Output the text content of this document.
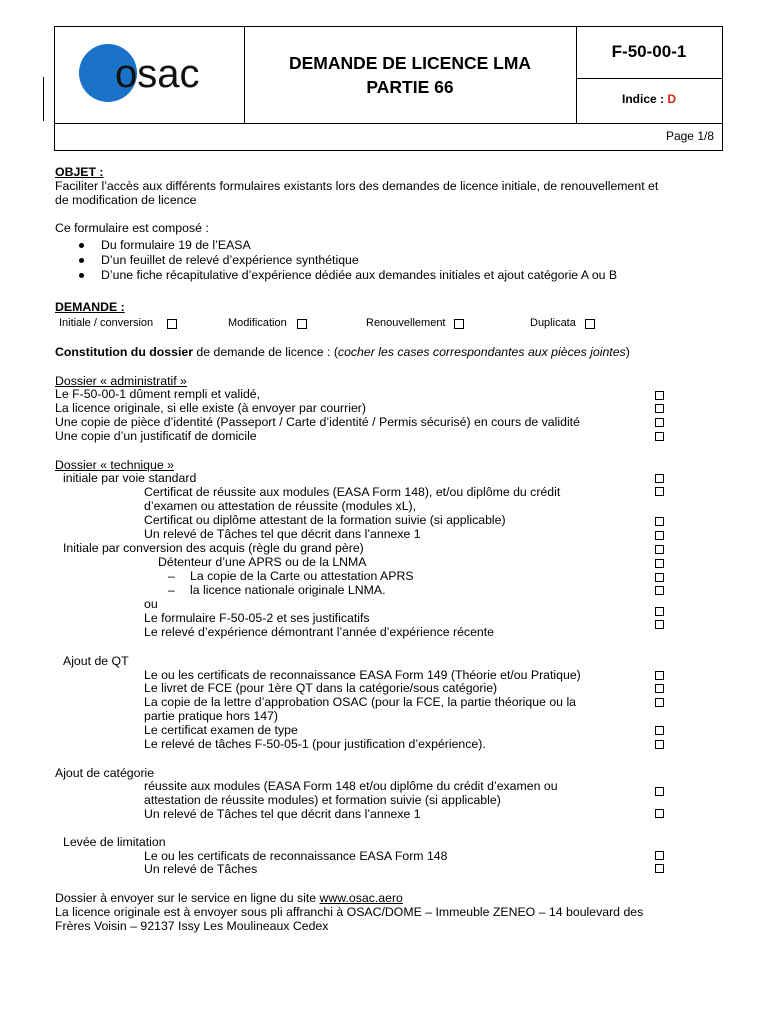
osac	DEMANDE DE LICENCE LMA
PARTIE 66
F-50-00-1
Indice : D
Page 1/8
OBJET :
Faciliter l’accès aux différents formulaires existants lors des demandes de licence initiale, de renouvellement et
de modification de licence
Ce formulaire est composé :
Du formulaire 19 de l’EASA
D’un feuillet de relevé d’expérience synthétique
D’une fiche récapitulative d’expérience dédiée aux demandes initiales et ajout catégorie A ou B
DEMANDE :
Initiale / conversion	Modification	Renouvellement	Duplicata
Constitution du dossier de demande de licence : (cocher les cases correspondantes aux pièces jointes)
Dossier « administratif »
Le F-50-00-1 dûment rempli et validé,
La licence originale, si elle existe (à envoyer par courrier)
Une copie de pièce d’identité (Passeport / Carte d’identité / Permis sécurisé) en cours de validité
Une copie d’un justificatif de domicile
Dossier « technique »
initiale par voie standard
Certificat de réussite aux modules (EASA Form 148), et/ou diplôme du crédit
d’examen ou attestation de réussite (modules xL),
Certificat ou diplôme attestant de la formation suivie (si applicable)
Un relevé de Tâches tel que décrit dans l’annexe 1
Initiale par conversion des acquis (règle du grand père)
Détenteur d’une APRS ou de la LNMA
– La copie de la Carte ou attestation APRS
– la licence nationale originale LNMA.
ou
Le formulaire F-50-05-2 et ses justificatifs
Le relevé d’expérience démontrant l’année d’expérience récente
Ajout de QT
Le ou les certificats de reconnaissance EASA Form 149 (Théorie et/ou Pratique)
Le livret de FCE (pour 1ère QT dans la catégorie/sous catégorie)
La copie de la lettre d’approbation OSAC (pour la FCE, la partie théorique ou la
partie pratique hors 147)
Le certificat examen de type
Le relevé de tâches F-50-05-1 (pour justification d’expérience).
Ajout de catégorie
réussite aux modules (EASA Form 148 et/ou diplôme du crédit d’examen ou
attestation de réussite modules) et formation suivie (si applicable)
Un relevé de Tâches tel que décrit dans l’annexe 1
Levée de limitation
Le ou les certificats de reconnaissance EASA Form 148
Un relevé de Tâches
Dossier à envoyer sur le service en ligne du site www.osac.aero
La licence originale est à envoyer sous pli affranchi à OSAC/DOME – Immeuble ZENEO – 14 boulevard des
Frères Voisin – 92137 Issy Les Moulineaux Cedex
